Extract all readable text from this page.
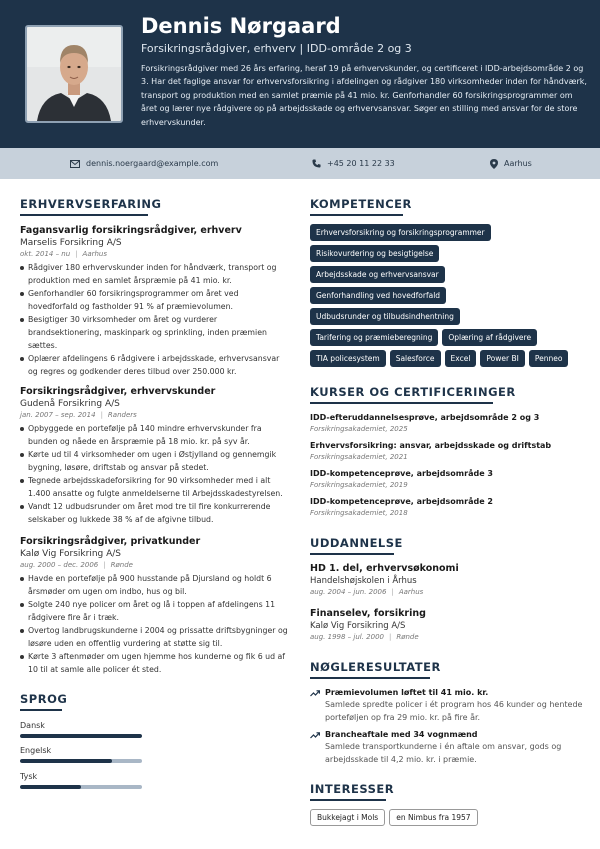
Dennis Nørgaard
Forsikringsrådgiver, erhverv | IDD-område 2 og 3
Forsikringsrådgiver med 26 års erfaring, heraf 19 på erhvervskunder, og certificeret i IDD-arbejdsområde 2 og 3. Har det faglige ansvar for erhvervsforsikring i afdelingen og rådgiver 180 virksomheder inden for håndværk, transport og produktion med en samlet præmie på 41 mio. kr. Genforhandler 60 forsikringsprogrammer om året og lærer nye rådgivere op på arbejdsskade og erhvervsansvar. Søger en stilling med ansvar for de store erhvervskunder.
dennis.noergaard@example.com	+45 20 11 22 33	Aarhus
ERHVERVSERFARING
Fagansvarlig forsikringsrådgiver, erhverv
Marselis Forsikring A/S
okt. 2014 – nu | Aarhus
Rådgiver 180 erhvervskunder inden for håndværk, transport og produktion med en samlet årspræmie på 41 mio. kr.
Genforhandler 60 forsikringsprogrammer om året ved hovedforfald og fastholder 91 % af præmievolumen.
Besigtiger 30 virksomheder om året og vurderer brandsektionering, maskinpark og sprinkling, inden præmien sættes.
Oplærer afdelingens 6 rådgivere i arbejdsskade, erhvervsansvar og regres og godkender deres tilbud over 250.000 kr.
Forsikringsrådgiver, erhvervskunder
Gudenå Forsikring A/S
jan. 2007 – sep. 2014 | Randers
Opbyggede en portefølje på 140 mindre erhvervskunder fra bunden og nåede en årspræmie på 18 mio. kr. på syv år.
Kørte ud til 4 virksomheder om ugen i Østjylland og gennemgik bygning, løsøre, driftstab og ansvar på stedet.
Tegnede arbejdsskadeforsikring for 90 virksomheder med i alt 1.400 ansatte og fulgte anmeldelserne til Arbejdsskadestyrelsen.
Vandt 12 udbudsrunder om året mod tre til fire konkurrerende selskaber og lukkede 38 % af de afgivne tilbud.
Forsikringsrådgiver, privatkunder
Kalø Vig Forsikring A/S
aug. 2000 – dec. 2006 | Rønde
Havde en portefølje på 900 husstande på Djursland og holdt 6 årsmøder om ugen om indbo, hus og bil.
Solgte 240 nye policer om året og lå i toppen af afdelingens 11 rådgivere fire år i træk.
Overtog landbrugskunderne i 2004 og prissatte driftsbygninger og løsøre uden en offentlig vurdering at støtte sig til.
Kørte 3 aftenmøder om ugen hjemme hos kunderne og fik 6 ud af 10 til at samle alle policer ét sted.
SPROG
Dansk
Engelsk
Tysk
KOMPETENCER
Erhvervsforsikring og forsikringsprogrammer
Risikovurdering og besigtigelse
Arbejdsskade og erhvervsansvar
Genforhandling ved hovedforfald
Udbudsrunder og tilbudsindhentning
Tarifering og præmieberegning Oplæring af rådgivere
TIA policesystem Salesforce Excel Power BI Penneo
KURSER OG CERTIFICERINGER
IDD-efteruddannelsesprøve, arbejdsområde 2 og 3
Forsikringsakademiet, 2025
Erhvervsforsikring: ansvar, arbejdsskade og driftstab
Forsikringsakademiet, 2021
IDD-kompetenceprøve, arbejdsområde 3
Forsikringsakademiet, 2019
IDD-kompetenceprøve, arbejdsområde 2
Forsikringsakademiet, 2018
UDDANNELSE
HD 1. del, erhvervsøkonomi
Handelshøjskolen i Århus
aug. 2004 – jun. 2006 | Aarhus
Finanselev, forsikring
Kalø Vig Forsikring A/S
aug. 1998 – jul. 2000 | Rønde
NØGLERESULTATER
Præmievolumen løftet til 41 mio. kr.
Samlede spredte policer i ét program hos 46 kunder og hentede porteføljen op fra 29 mio. kr. på fire år.
Brancheaftale med 34 vognmænd
Samlede transportkunderne i én aftale om ansvar, gods og arbejdsskade til 4,2 mio. kr. i præmie.
INTERESSER
Bukkejagt i Mols en Nimbus fra 1957
